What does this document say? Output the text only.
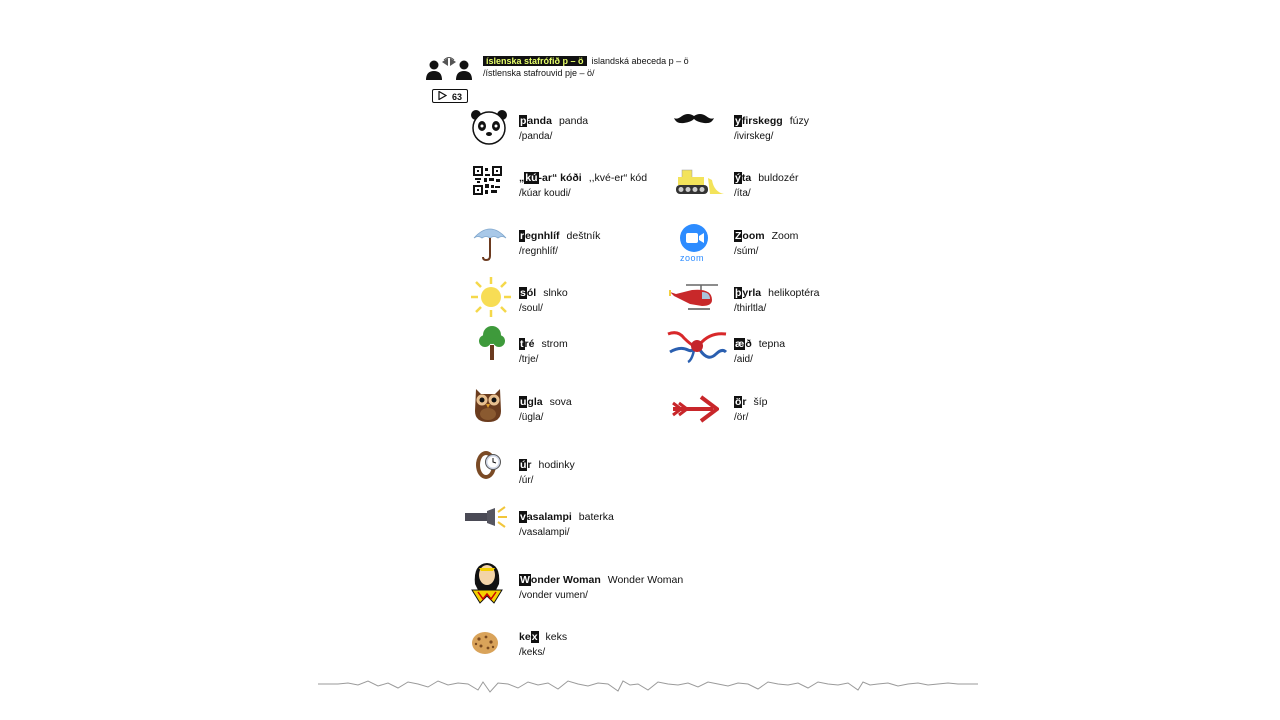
íslenska stafrófið p – ö islandská abeceda p – ö
/ístlenska stafrouvid pje – ö/
63
panda panda
/panda/
„kú-ar“ kóði ,,kvé-er“ kód
/kúar koudi/
regnhlíf deštník
/regnhlíf/
sól slnko
/soul/
tré strom
/trje/
ugla sova
/ügla/
úr hodinky
/úr/
vasalampi baterka
/vasalampi/
Wonder Woman Wonder Woman
/vonder vumen/
kex keks
/keks/
zoom
yfirskegg fúzy
/ivirskeg/
ýta buldozér
/íta/
Zoom Zoom
/súm/
þyrla helikoptéra
/thirltla/
æð tepna
/aid/
ör šíp
/ör/
